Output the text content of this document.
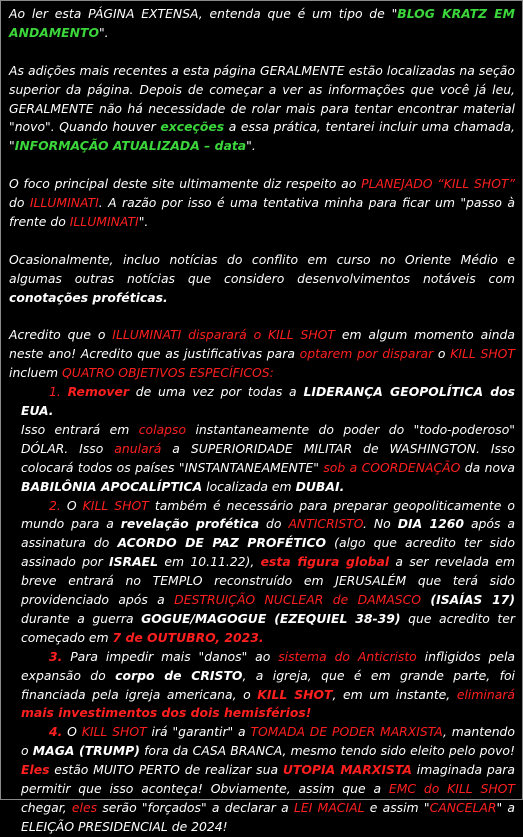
Ao ler esta PÁGINA EXTENSA, entenda que é um tipo de "BLOG KRATZ EM ANDAMENTO".

As adições mais recentes a esta página GERALMENTE estão localizadas na seção superior da página. Depois de começar a ver as informações que você já leu, GERALMENTE não há necessidade de rolar mais para tentar encontrar material "novo". Quando houver exceções a essa prática, tentarei incluir uma chamada, "INFORMAÇÃO ATUALIZADA – data".

O foco principal deste site ultimamente diz respeito ao PLANEJADO “KILL SHOT” do ILLUMINATI. A razão por isso é uma tentativa minha para ficar um "passo à frente do ILLUMINATI".

Ocasionalmente, incluo notícias do conflito em curso no Oriente Médio e algumas outras notícias que considero desenvolvimentos notáveis com conotações proféticas.

Acredito que o ILLUMINATI disparará o KILL SHOT em algum momento ainda neste ano! Acredito que as justificativas para optarem por disparar o KILL SHOT incluem QUATRO OBJETIVOS ESPECÍFICOS:

1. Remover de uma vez por todas a LIDERANÇA GEOPOLÍTICA dos EUA.
Isso entrará em colapso instantaneamente do poder do "todo-poderoso" DÓLAR. Isso anulará a SUPERIORIDADE MILITAR de WASHINGTON. Isso colocará todos os países "INSTANTANEAMENTE" sob a COORDENAÇÃO da nova BABILÔNIA APOCALÍPTICA localizada em DUBAI.

2. O KILL SHOT também é necessário para preparar geopoliticamente o mundo para a revelação profética do ANTICRISTO. No DIA 1260 após a assinatura do ACORDO DE PAZ PROFÉTICO (algo que acredito ter sido assinado por ISRAEL em 10.11.22), esta figura global a ser revelada em breve entrará no TEMPLO reconstruído em JERUSALÉM que terá sido providenciado após a DESTRUIÇÃO NUCLEAR de DAMASCO (ISAÍAS 17) durante a guerra GOGUE/MAGOGUE (EZEQUIEL 38-39) que acredito ter começado em 7 de OUTUBRO, 2023.

3. Para impedir mais "danos" ao sistema do Anticristo infligidos pela expansão do corpo de CRISTO, a igreja, que é em grande parte, foi financiada pela igreja americana, o KILL SHOT, em um instante, eliminará mais investimentos dos dois hemisférios!

4. O KILL SHOT irá "garantir" a TOMADA DE PODER MARXISTA, mantendo o MAGA (TRUMP) fora da CASA BRANCA, mesmo tendo sido eleito pelo povo! Eles estão MUITO PERTO de realizar sua UTOPIA MARXISTA imaginada para permitir que isso aconteça! Obviamente, assim que a EMC do KILL SHOT chegar, eles serão "forçados" a declarar a LEI MACIAL e assim "CANCELAR" a ELEIÇÃO PRESIDENCIAL de 2024!
